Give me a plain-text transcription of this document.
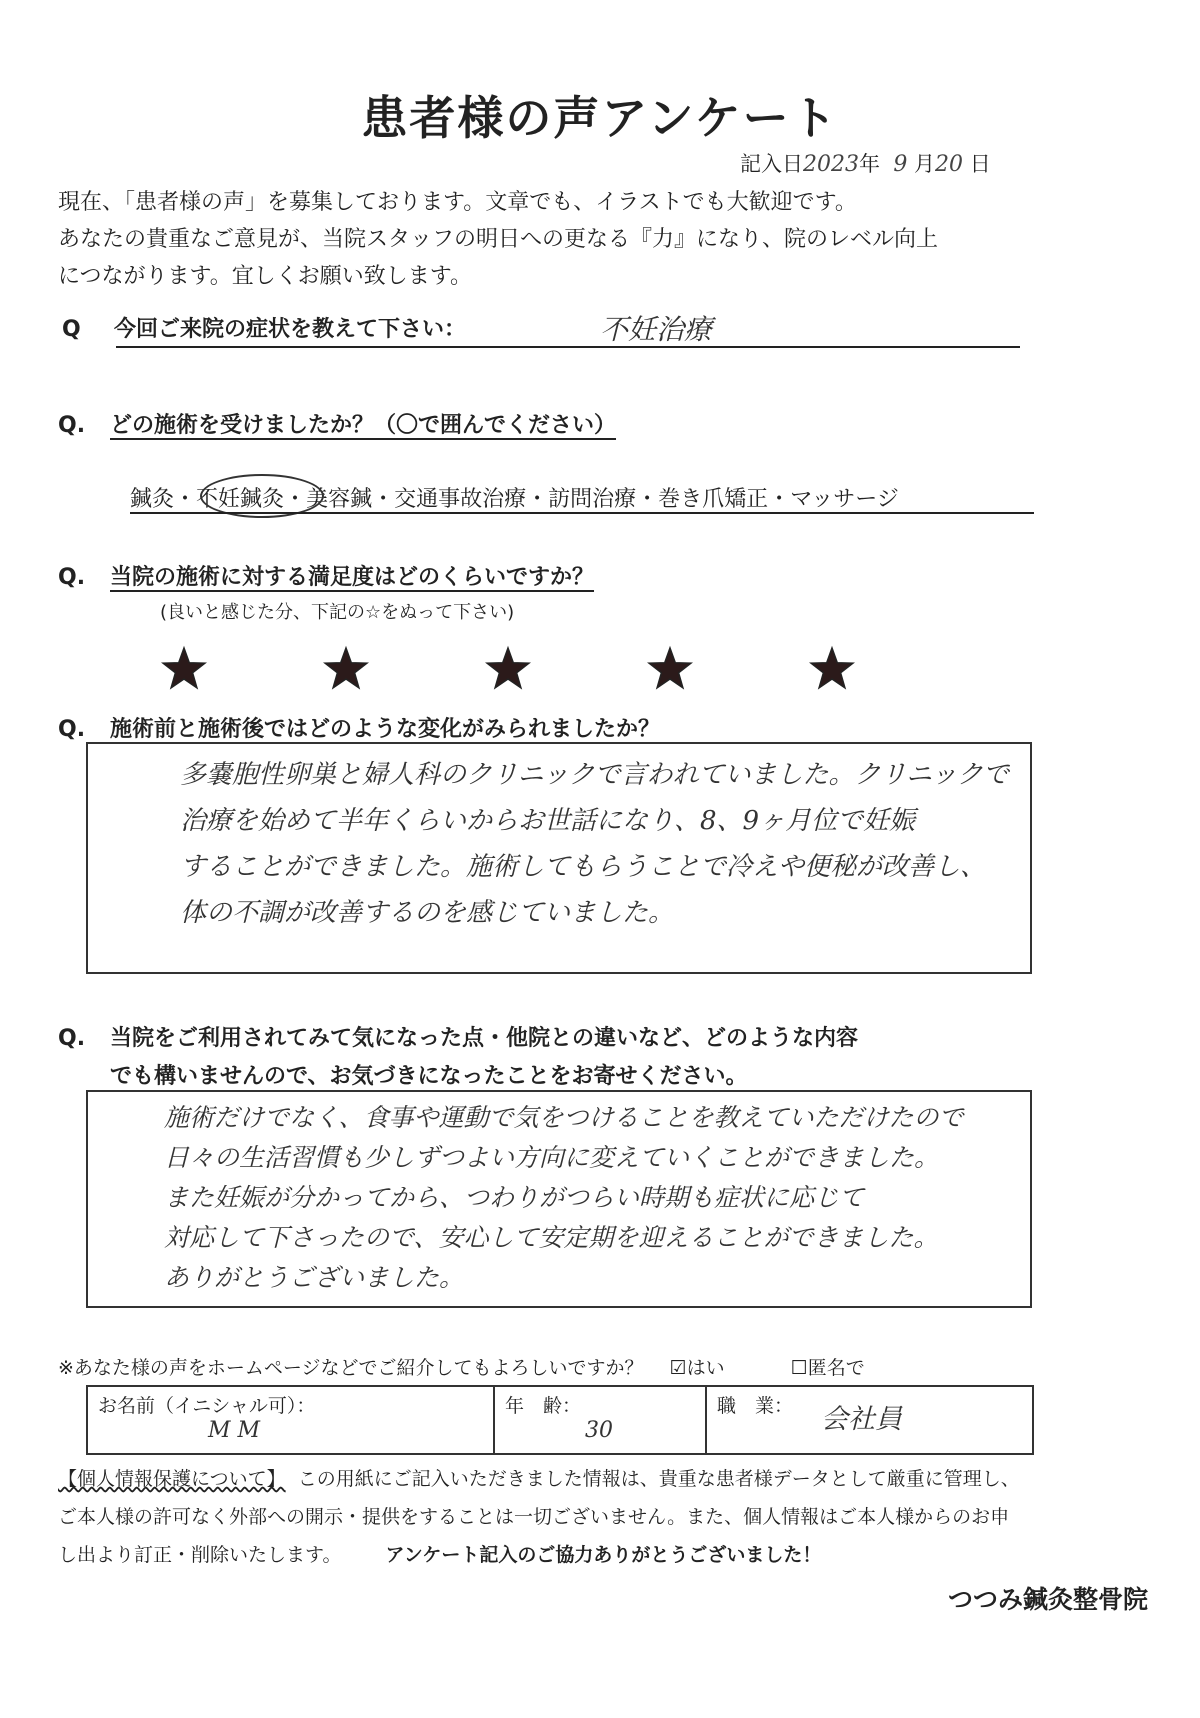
患者様の声アンケート
記入日2023年 9 月20 日
現在、「患者様の声」を募集しております。文章でも、イラストでも大歓迎です。
あなたの貴重なご意見が、当院スタッフの明日への更なる『力』になり、院のレベル向上
につながります。宜しくお願い致します。
Q 今回ご来院の症状を教えて下さい：	不妊治療
Q. どの施術を受けましたか？（〇で囲んでください）
鍼灸・不妊鍼灸・美容鍼・交通事故治療・訪問治療・巻き爪矯正・マッサージ
Q. 当院の施術に対する満足度はどのくらいですか？
(良いと感じた分、下記の☆をぬって下さい)
Q. 施術前と施術後ではどのような変化がみられましたか？
多嚢胞性卵巣と婦人科のクリニックで言われていました。クリニックで
治療を始めて半年くらいからお世話になり、8、9ヶ月位で妊娠
することができました。施術してもらうことで冷えや便秘が改善し、
体の不調が改善するのを感じていました。
Q. 当院をご利用されてみて気になった点・他院との違いなど、どのような内容
でも構いませんので、お気づきになったことをお寄せください。
施術だけでなく、食事や運動で気をつけることを教えていただけたので
日々の生活習慣も少しずつよい方向に変えていくことができました。
また妊娠が分かってから、つわりがつらい時期も症状に応じて
対応して下さったので、安心して安定期を迎えることができました。
ありがとうございました。
※あなた様の声をホームページなどでご紹介してもよろしいですか？ ☑はい	☐匿名で
お名前（イニシャル可）：
M M

年　齢：
30

職　業： 会社員
【個人情報保護について】 この用紙にご記入いただきました情報は、貴重な患者様データとして厳重に管理し、
ご本人様の許可なく外部への開示・提供をすることは一切ございません。また、個人情報はご本人様からのお申
し出より訂正・削除いたします。 アンケート記入のご協力ありがとうございました！
つつみ鍼灸整骨院
